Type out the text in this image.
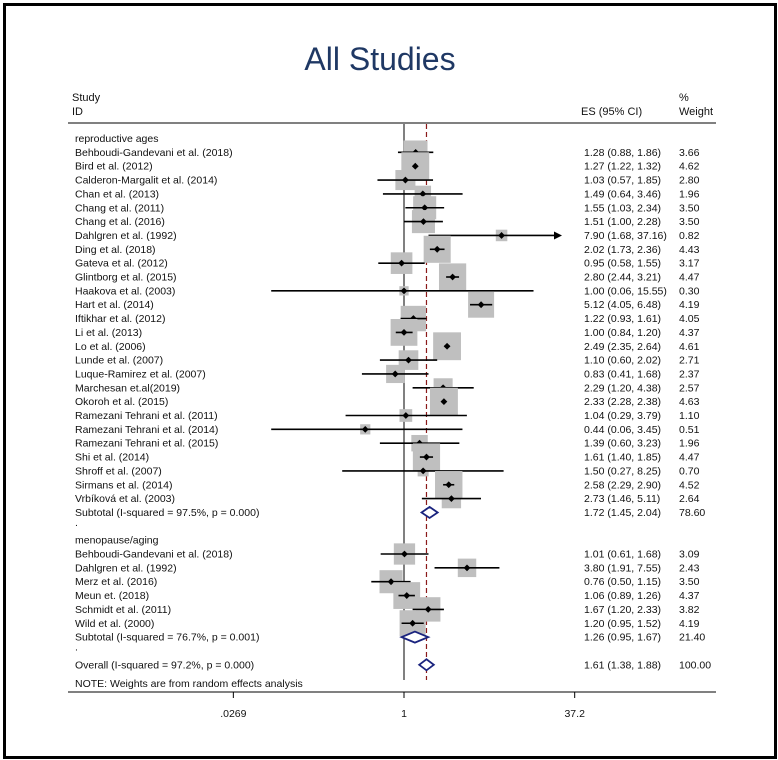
All Studies
Study
ID	ES (95% CI)
%
Weight
reproductive ages
Behboudi-Gandevani et al. (2018)	1.28 (0.88, 1.86) 3.66
Bird et al. (2012)	1.27 (1.22, 1.32) 4.62
Calderon-Margalit et al. (2014)	1.03 (0.57, 1.85) 2.80
Chan et al. (2013)	1.49 (0.64, 3.46) 1.96
Chang et al. (2011)	1.55 (1.03, 2.34) 3.50
Chang et al. (2016)	1.51 (1.00, 2.28) 3.50
Dahlgren et al. (1992)	7.90 (1.68, 37.16) 0.82
Ding et al. (2018)	2.02 (1.73, 2.36) 4.43
Gateva et al. (2012)	0.95 (0.58, 1.55) 3.17
Glintborg et al. (2015)	2.80 (2.44, 3.21) 4.47
Haakova et al. (2003)	1.00 (0.06, 15.55) 0.30
Hart et al. (2014)	5.12 (4.05, 6.48) 4.19
Iftikhar et al. (2012)	1.22 (0.93, 1.61) 4.05
Li et al. (2013)	1.00 (0.84, 1.20) 4.37
Lo et al. (2006)	2.49 (2.35, 2.64) 4.61
Lunde et al. (2007)	1.10 (0.60, 2.02) 2.71
Luque-Ramirez et al. (2007)	0.83 (0.41, 1.68) 2.37
Marchesan et.al(2019)	2.29 (1.20, 4.38) 2.57
Okoroh et al. (2015)	2.33 (2.28, 2.38) 4.63
Ramezani Tehrani et al. (2011)	1.04 (0.29, 3.79) 1.10
Ramezani Tehrani et al. (2014)	0.44 (0.06, 3.45) 0.51
Ramezani Tehrani et al. (2015)	1.39 (0.60, 3.23) 1.96
Shi et al. (2014)	1.61 (1.40, 1.85) 4.47
Shroff et al. (2007)	1.50 (0.27, 8.25) 0.70
Sirmans et al. (2014)	2.58 (2.29, 2.90) 4.52
Vrbíková et al. (2003)	2.73 (1.46, 5.11) 2.64
Subtotal (I-squared = 97.5%, p = 0.000)	1.72 (1.45, 2.04) 78.60
.
menopause/aging
Behboudi-Gandevani et al. (2018)	1.01 (0.61, 1.68) 3.09
Dahlgren et al. (1992)	3.80 (1.91, 7.55) 2.43
Merz et al. (2016)	0.76 (0.50, 1.15) 3.50
Meun et. (2018)	1.06 (0.89, 1.26) 4.37
Schmidt et al. (2011)	1.67 (1.20, 2.33) 3.82
Wild et al. (2000)	1.20 (0.95, 1.52) 4.19
Subtotal (I-squared = 76.7%, p = 0.001)	1.26 (0.95, 1.67) 21.40
.
Overall (I-squared = 97.2%, p = 0.000)	1.61 (1.38, 1.88) 100.00
NOTE: Weights are from random effects analysis
.0269	1	37.2
